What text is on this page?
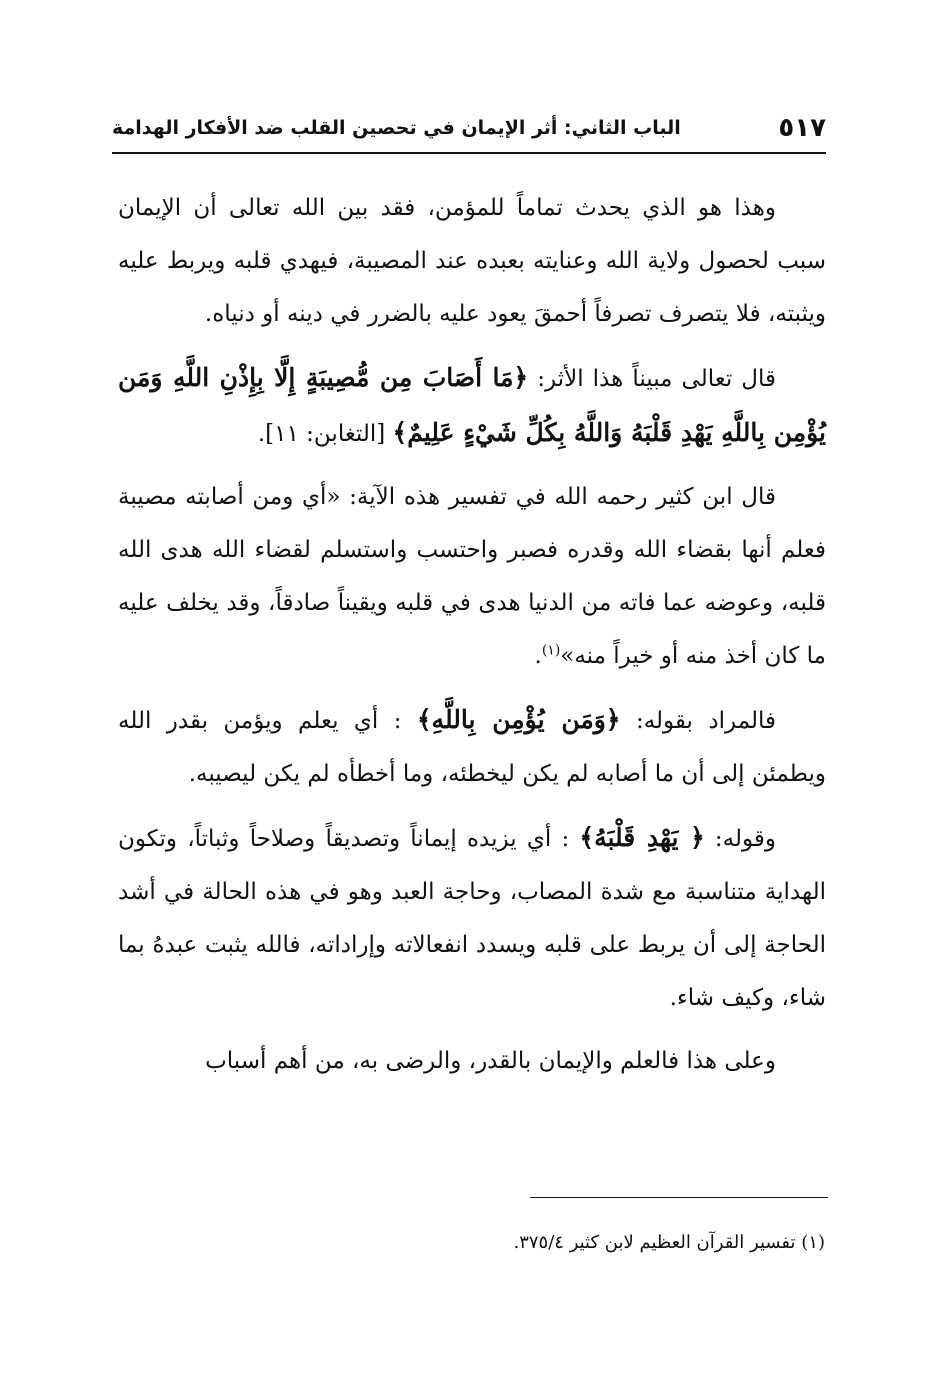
٥١٧
الباب الثاني: أثر الإيمان في تحصين القلب ضد الأفكار الهدامة

وهذا هو الذي يحدث تماماً للمؤمن، فقد بين الله تعالى أن الإيمان سبب لحصول ولاية الله وعنايته بعبده عند المصيبة، فيهدي قلبه ويربط عليه ويثبته، فلا يتصرف تصرفاً أحمقَ يعود عليه بالضرر في دينه أو دنياه.

قال تعالى مبيناً هذا الأثر: ﴿مَا أَصَابَ مِن مُّصِيبَةٍ إِلَّا بِإِذْنِ اللَّهِ وَمَن يُؤْمِن بِاللَّهِ يَهْدِ قَلْبَهُ وَاللَّهُ بِكُلِّ شَيْءٍ عَلِيمٌ﴾ [التغابن: ١١].

قال ابن كثير رحمه الله في تفسير هذه الآية: «أي ومن أصابته مصيبة فعلم أنها بقضاء الله وقدره فصبر واحتسب واستسلم لقضاء الله هدى الله قلبه، وعوضه عما فاته من الدنيا هدى في قلبه ويقيناً صادقاً، وقد يخلف عليه ما كان أخذ منه أو خيراً منه»$^{(١)}$.

فالمراد بقوله: ﴿وَمَن يُؤْمِن بِاللَّهِ﴾ : أي يعلم ويؤمن بقدر الله ويطمئن إلى أن ما أصابه لم يكن ليخطئه، وما أخطأه لم يكن ليصيبه.

وقوله: ﴿ يَهْدِ قَلْبَهُ﴾ : أي يزيده إيماناً وتصديقاً وصلاحاً وثباتاً، وتكون الهداية متناسبة مع شدة المصاب، وحاجة العبد وهو في هذه الحالة في أشد الحاجة إلى أن يربط على قلبه ويسدد انفعالاته وإراداته، فالله يثبت عبدهُ بما شاء، وكيف شاء.

وعلى هذا فالعلم والإيمان بالقدر، والرضى به، من أهم أسباب

(١) تفسير القرآن العظيم لابن كثير ٣٧٥/٤.
